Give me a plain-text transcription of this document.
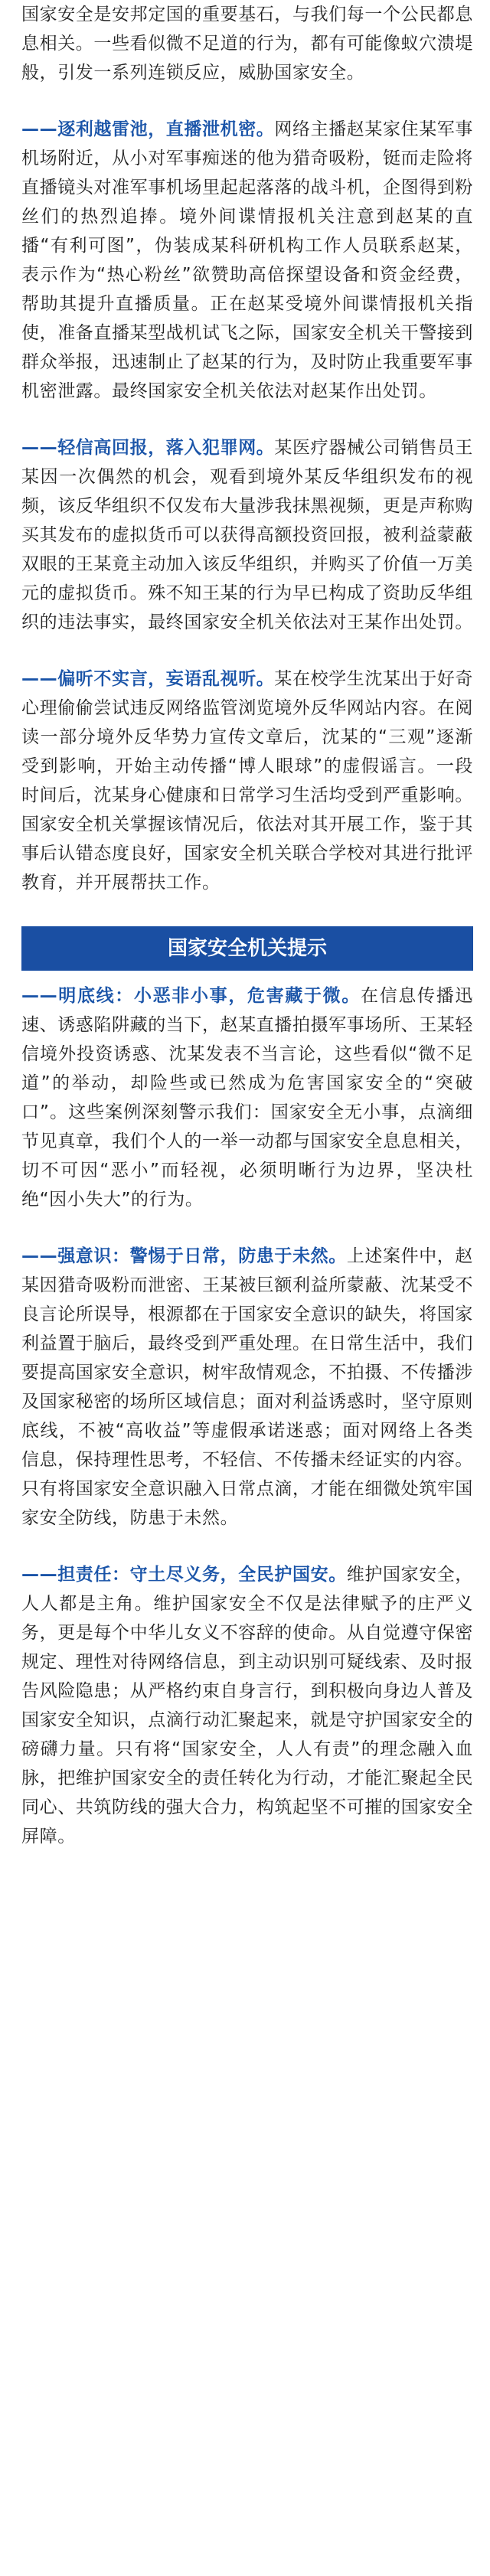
国家安全是安邦定国的重要基石，与我们每一个公民都息息相关。一些看似微不足道的行为，都有可能像蚁穴溃堤般，引发一系列连锁反应，威胁国家安全。

——逐利越雷池，直播泄机密。网络主播赵某家住某军事机场附近，从小对军事痴迷的他为猎奇吸粉，铤而走险将直播镜头对准军事机场里起起落落的战斗机，企图得到粉丝们的热烈追捧。境外间谍情报机关注意到赵某的直播“有利可图”，伪装成某科研机构工作人员联系赵某，表示作为“热心粉丝”欲赞助高倍探望设备和资金经费，帮助其提升直播质量。正在赵某受境外间谍情报机关指使，准备直播某型战机试飞之际，国家安全机关干警接到群众举报，迅速制止了赵某的行为，及时防止我重要军事机密泄露。最终国家安全机关依法对赵某作出处罚。

——轻信高回报，落入犯罪网。某医疗器械公司销售员王某因一次偶然的机会，观看到境外某反华组织发布的视频，该反华组织不仅发布大量涉我抹黑视频，更是声称购买其发布的虚拟货币可以获得高额投资回报，被利益蒙蔽双眼的王某竟主动加入该反华组织，并购买了价值一万美元的虚拟货币。殊不知王某的行为早已构成了资助反华组织的违法事实，最终国家安全机关依法对王某作出处罚。

——偏听不实言，妄语乱视听。某在校学生沈某出于好奇心理偷偷尝试违反网络监管浏览境外反华网站内容。在阅读一部分境外反华势力宣传文章后，沈某的“三观”逐渐受到影响，开始主动传播“博人眼球”的虚假谣言。一段时间后，沈某身心健康和日常学习生活均受到严重影响。国家安全机关掌握该情况后，依法对其开展工作，鉴于其事后认错态度良好，国家安全机关联合学校对其进行批评教育，并开展帮扶工作。

国家安全机关提示

——明底线：小恶非小事，危害藏于微。在信息传播迅速、诱惑陷阱藏的当下，赵某直播拍摄军事场所、王某轻信境外投资诱惑、沈某发表不当言论，这些看似“微不足道”的举动，却险些或已然成为危害国家安全的“突破口”。这些案例深刻警示我们：国家安全无小事，点滴细节见真章，我们个人的一举一动都与国家安全息息相关，切不可因“恶小”而轻视，必须明晰行为边界，坚决杜绝“因小失大”的行为。

——强意识：警惕于日常，防患于未然。上述案件中，赵某因猎奇吸粉而泄密、王某被巨额利益所蒙蔽、沈某受不良言论所误导，根源都在于国家安全意识的缺失，将国家利益置于脑后，最终受到严重处理。在日常生活中，我们要提高国家安全意识，树牢敌情观念，不拍摄、不传播涉及国家秘密的场所区域信息；面对利益诱惑时，坚守原则底线，不被“高收益”等虚假承诺迷惑；面对网络上各类信息，保持理性思考，不轻信、不传播未经证实的内容。只有将国家安全意识融入日常点滴，才能在细微处筑牢国家安全防线，防患于未然。

——担责任：守土尽义务，全民护国安。维护国家安全，人人都是主角。维护国家安全不仅是法律赋予的庄严义务，更是每个中华儿女义不容辞的使命。从自觉遵守保密规定、理性对待网络信息，到主动识别可疑线索、及时报告风险隐患；从严格约束自身言行，到积极向身边人普及国家安全知识，点滴行动汇聚起来，就是守护国家安全的磅礴力量。只有将“国家安全，人人有责”的理念融入血脉，把维护国家安全的责任转化为行动，才能汇聚起全民同心、共筑防线的强大合力，构筑起坚不可摧的国家安全屏障。
